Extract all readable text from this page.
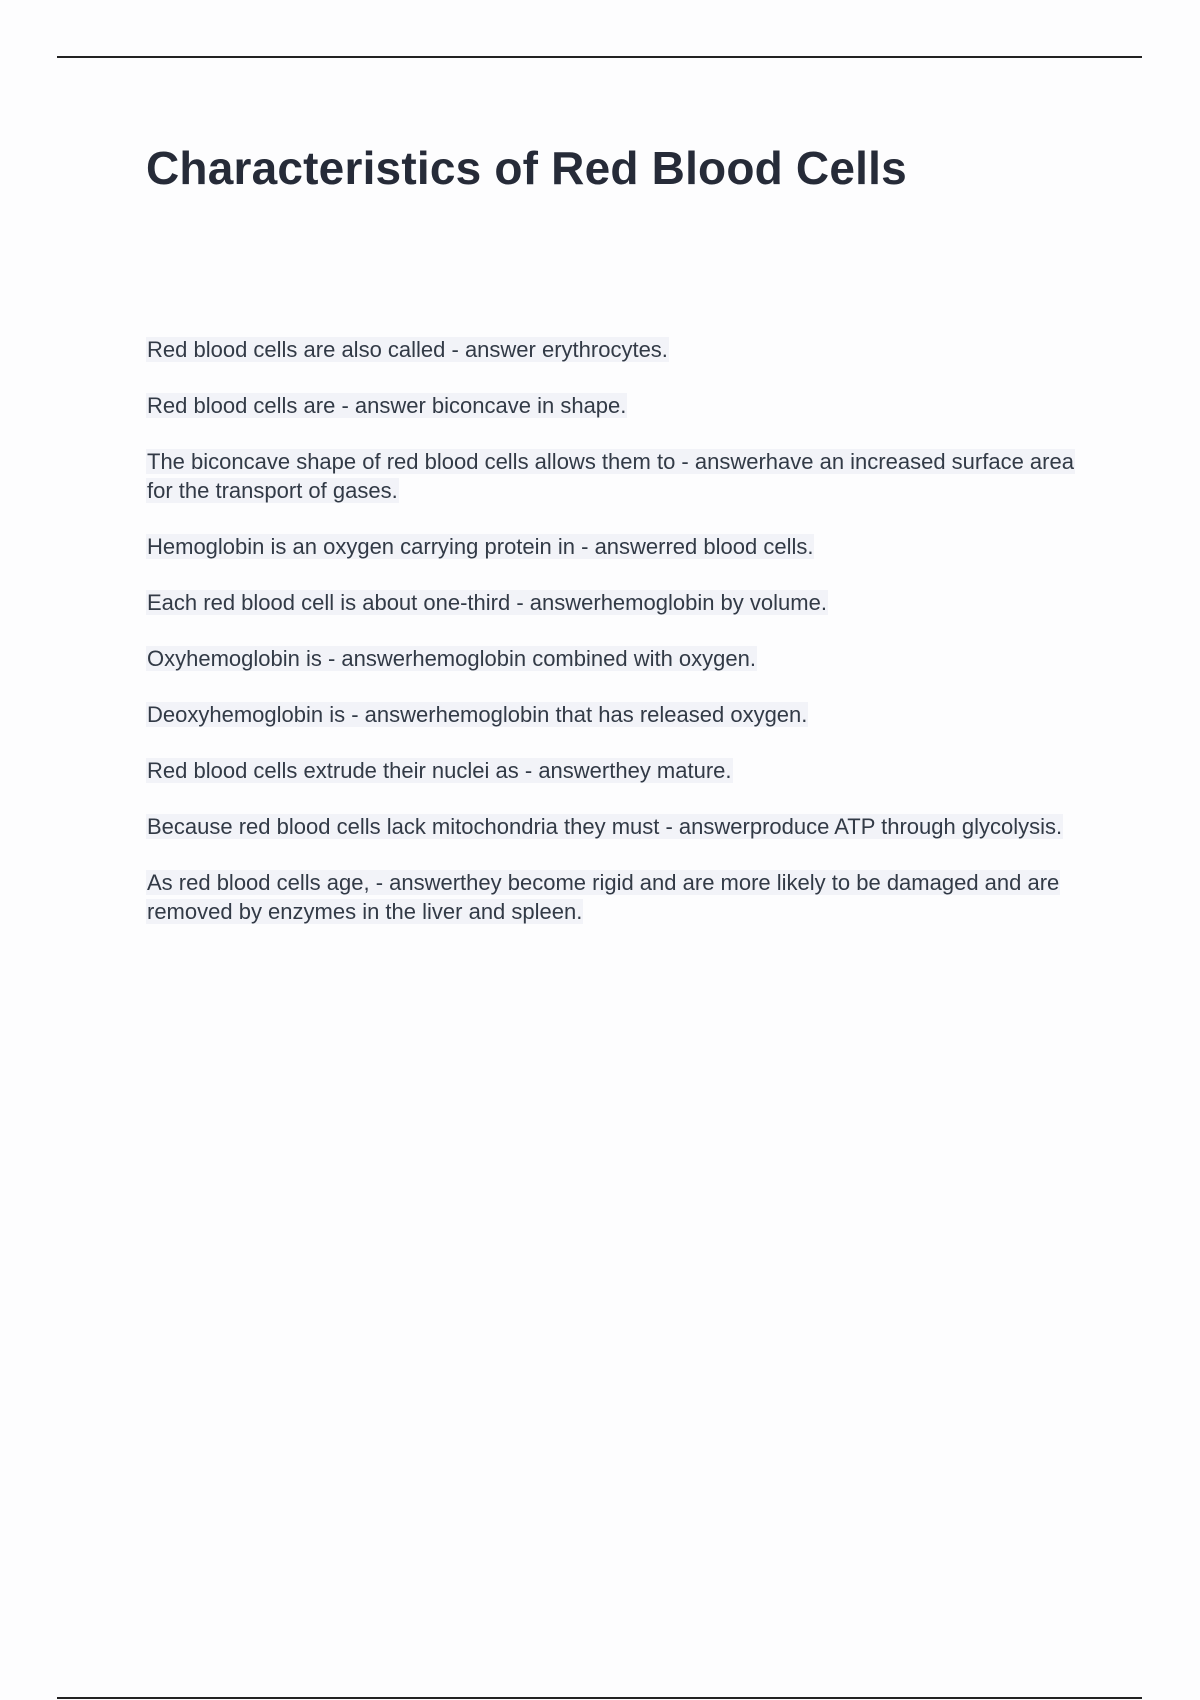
Characteristics of Red Blood Cells

Red blood cells are also called - answer erythrocytes.

Red blood cells are - answer biconcave in shape.

The biconcave shape of red blood cells allows them to - answerhave an increased surface area for the transport of gases.

Hemoglobin is an oxygen carrying protein in - answerred blood cells.

Each red blood cell is about one-third - answerhemoglobin by volume.

Oxyhemoglobin is - answerhemoglobin combined with oxygen.

Deoxyhemoglobin is - answerhemoglobin that has released oxygen.

Red blood cells extrude their nuclei as - answerthey mature.

Because red blood cells lack mitochondria they must - answerproduce ATP through glycolysis.

As red blood cells age, - answerthey become rigid and are more likely to be damaged and are removed by enzymes in the liver and spleen.
